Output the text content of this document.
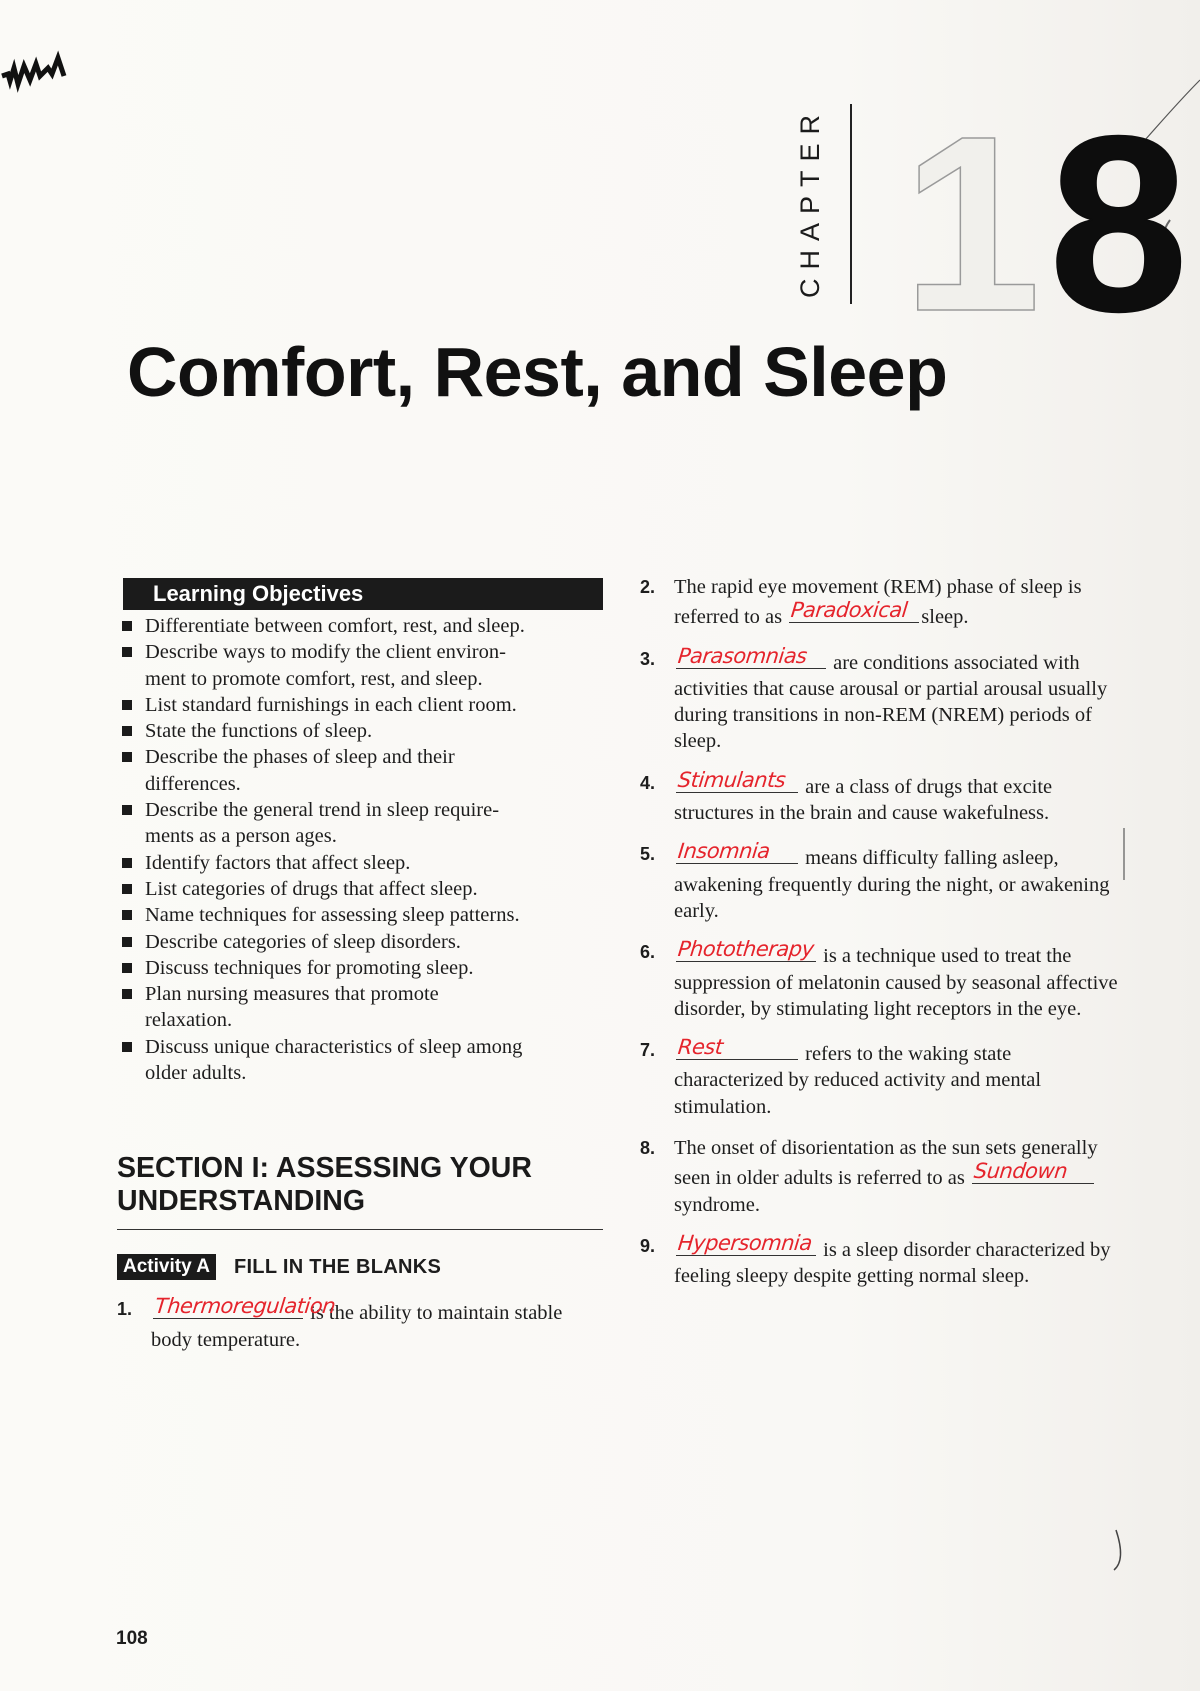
CHAPTER 18
Comfort, Rest, and Sleep
Learning Objectives
Differentiate between comfort, rest, and sleep.
Describe ways to modify the client environ-
ment to promote comfort, rest, and sleep.
List standard furnishings in each client room.
State the functions of sleep.
Describe the phases of sleep and their
differences.
Describe the general trend in sleep require-
ments as a person ages.
Identify factors that affect sleep.
List categories of drugs that affect sleep.
Name techniques for assessing sleep patterns.
Describe categories of sleep disorders.
Discuss techniques for promoting sleep.
Plan nursing measures that promote
relaxation.
Discuss unique characteristics of sleep among
older adults.
SECTION I: ASSESSING YOUR
UNDERSTANDING
Activity A	FILL IN THE BLANKS
1. Thermoregulation
is the ability to maintain stable body temperature.
2. The rapid eye movement (REM) phase of sleep is referred to as Paradoxical sleep.
3. Parasomnias are conditions associated with activities that cause arousal or partial arousal usually during transitions in non-REM (NREM) periods of sleep.
4. Stimulants are a class of drugs that excite structures in the brain and cause wakefulness.
5. Insomnia means difficulty falling asleep, awakening frequently during the night, or awakening early.
6. Phototherapy is a technique used to treat the suppression of melatonin caused by seasonal affective disorder, by stimulating light receptors in the eye.
7. Rest	refers to the waking state characterized by reduced activity and mental stimulation.
8. The onset of disorientation as the sun sets generally seen in older adults is referred to as Sundown
syndrome.
9. Hypersomnia is a sleep disorder characterized by feeling sleepy despite getting normal sleep.
108
